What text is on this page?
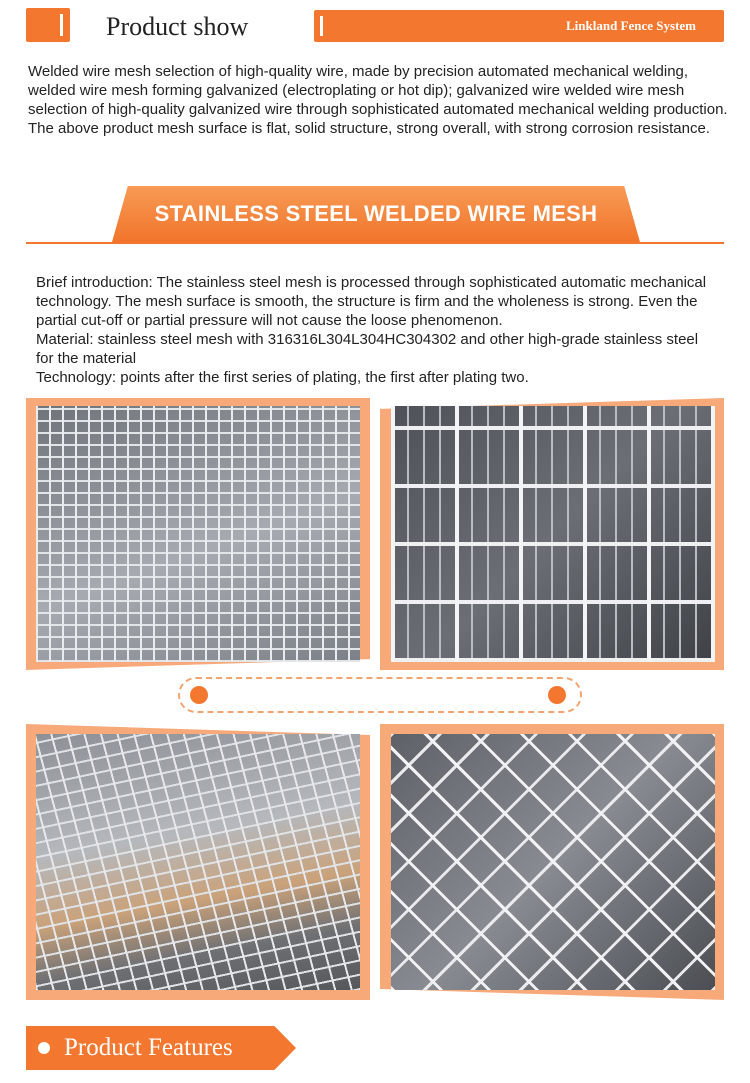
Product show	Linkland Fence System
Welded wire mesh selection of high-quality wire, made by precision automated mechanical welding, welded wire mesh forming galvanized (electroplating or hot dip); galvanized wire welded wire mesh selection of high-quality galvanized wire through sophisticated automated mechanical welding production. The above product mesh surface is flat, solid structure, strong overall, with strong corrosion resistance.
STAINLESS STEEL WELDED WIRE MESH

Brief introduction: The stainless steel mesh is processed through sophisticated automatic mechanical technology. The mesh surface is smooth, the structure is firm and the wholeness is strong. Even the partial cut-off or partial pressure will not cause the loose phenomenon.

Material: stainless steel mesh with 316316L304L304HC304302 and other high-grade stainless steel for the material

Technology: points after the first series of plating, the first after plating two.

Product Features
